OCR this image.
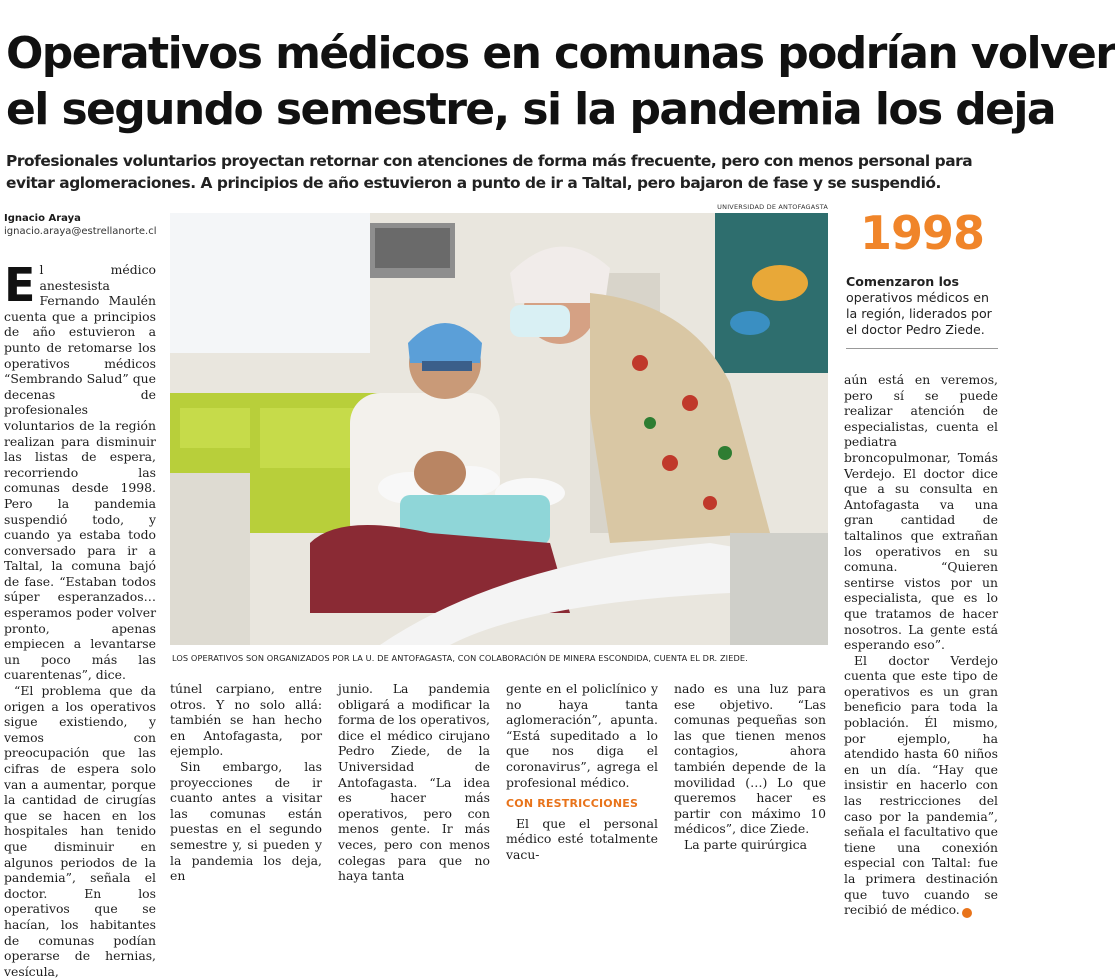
Operativos médicos en comunas podrían volver
el segundo semestre, si la pandemia los deja
Profesionales voluntarios proyectan retornar con atenciones de forma más frecuente, pero con menos personal para
evitar aglomeraciones. A principios de año estuvieron a punto de ir a Taltal, pero bajaron de fase y se suspendió.
Ignacio Araya
ignacio.araya@estrellanorte.cl
UNIVERSIDAD DE ANTOFAGASTA
LOS OPERATIVOS SON ORGANIZADOS POR LA U. DE ANTOFAGASTA, CON COLABORACIÓN DE MINERA ESCONDIDA, CUENTA EL DR. ZIEDE.
1998
Comenzaron los operativos médicos en la región, liderados por el doctor Pedro Ziede.

El médico anestesista Fernando Maulén cuenta que a principios de año estuvieron a punto de retomarse los operativos médicos “Sembrando Salud” que decenas de profesionales voluntarios de la región realizan para disminuir las listas de espera, recorriendo las comunas desde 1998. Pero la pandemia suspendió todo, y cuando ya estaba todo conversado para ir a Taltal, la comuna bajó de fase. “Estaban todos súper esperanzados… esperamos poder volver pronto, apenas empiecen a levantarse un poco más las cuarentenas”, dice.

“El problema que da origen a los operativos sigue existiendo, y vemos con preocupación que las cifras de espera solo van a aumentar, porque la cantidad de cirugías que se hacen en los hospitales han tenido que disminuir en algunos periodos de la pandemia”, señala el doctor. En los operativos que se hacían, los habitantes de comunas podían operarse de hernias, vesícula,

túnel carpiano, entre otros. Y no solo allá: también se han hecho en Antofagasta, por ejemplo.

Sin embargo, las proyecciones de ir cuanto antes a visitar las comunas están puestas en el segundo semestre y, si pueden y la pandemia los deja, en

junio. La pandemia obligará a modificar la forma de los operativos, dice el médico cirujano Pedro Ziede, de la Universidad de Antofagasta. “La idea es hacer más operativos, pero con menos gente. Ir más veces, pero con menos colegas para que no haya tanta

gente en el policlínico y no haya tanta aglomeración”, apunta. “Está supeditado a lo que nos diga el coronavirus”, agrega el profesional médico.

CON RESTRICCIONES

El que el personal médico esté totalmente vacu-

nado es una luz para ese objetivo. “Las comunas pequeñas son las que tienen menos contagios, ahora también depende de la movilidad (…) Lo que queremos hacer es partir con máximo 10 médicos”, dice Ziede.

La parte quirúrgica

aún está en veremos, pero sí se puede realizar atención de especialistas, cuenta el pediatra broncopulmonar, Tomás Verdejo. El doctor dice que a su consulta en Antofagasta va una gran cantidad de taltalinos que extrañan los operativos en su comuna. “Quieren sentirse vistos por un especialista, que es lo que tratamos de hacer nosotros. La gente está esperando eso”.

El doctor Verdejo cuenta que este tipo de operativos es un gran beneficio para toda la población. Él mismo, por ejemplo, ha atendido hasta 60 niños en un día. “Hay que insistir en hacerlo con las restricciones del caso por la pandemia”, señala el facultativo que tiene una conexión especial con Taltal: fue la primera destinación que tuvo cuando se recibió de médico. ✦
